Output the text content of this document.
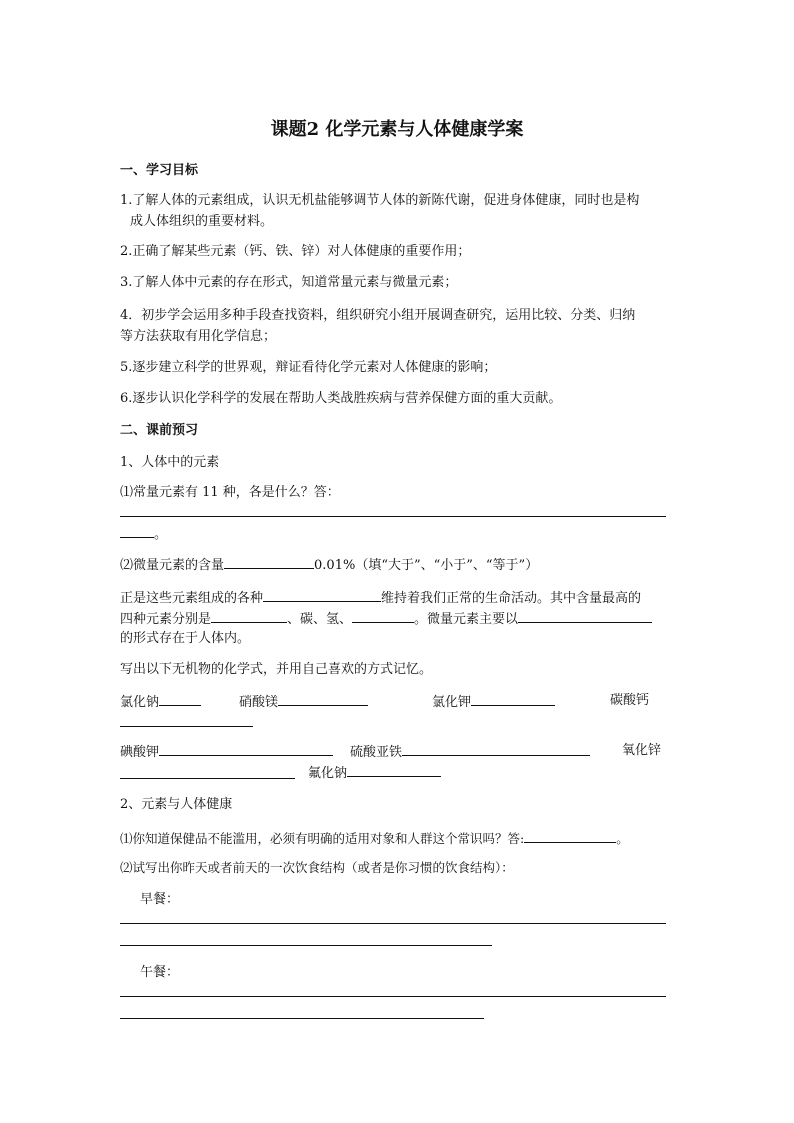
课题2 化学元素与人体健康学案
一、学习目标
1.了解人体的元素组成，认识无机盐能够调节人体的新陈代谢，促进身体健康，同时也是构
成人体组织的重要材料。
2.正确了解某些元素（钙、铁、锌）对人体健康的重要作用；
3.了解人体中元素的存在形式，知道常量元素与微量元素；
4．初步学会运用多种手段查找资料，组织研究小组开展调查研究，运用比较、分类、归纳
等方法获取有用化学信息；
5.逐步建立科学的世界观，辩证看待化学元素对人体健康的影响；
6.逐步认识化学科学的发展在帮助人类战胜疾病与营养保健方面的重大贡献。
二、课前预习
1、人体中的元素
⑴常量元素有 11 种，各是什么？答：
。
⑵微量元素的含量	0.01%（填“大于”、“小于”、“等于”）
正是这些元素组成的各种	维持着我们正常的生命活动。其中含量最高的
四种元素分别是	、碳、氢、	。微量元素主要以
的形式存在于人体内。
写出以下无机物的化学式，并用自己喜欢的方式记忆。
氯化钠	硝酸镁	氯化钾	碳酸钙
碘酸钾	硫酸亚铁	氧化锌
氟化钠
2、元素与人体健康
⑴你知道保健品不能滥用，必须有明确的适用对象和人群这个常识吗？答:	。
⑵试写出你昨天或者前天的一次饮食结构（或者是你习惯的饮食结构）：
早餐：
午餐：
